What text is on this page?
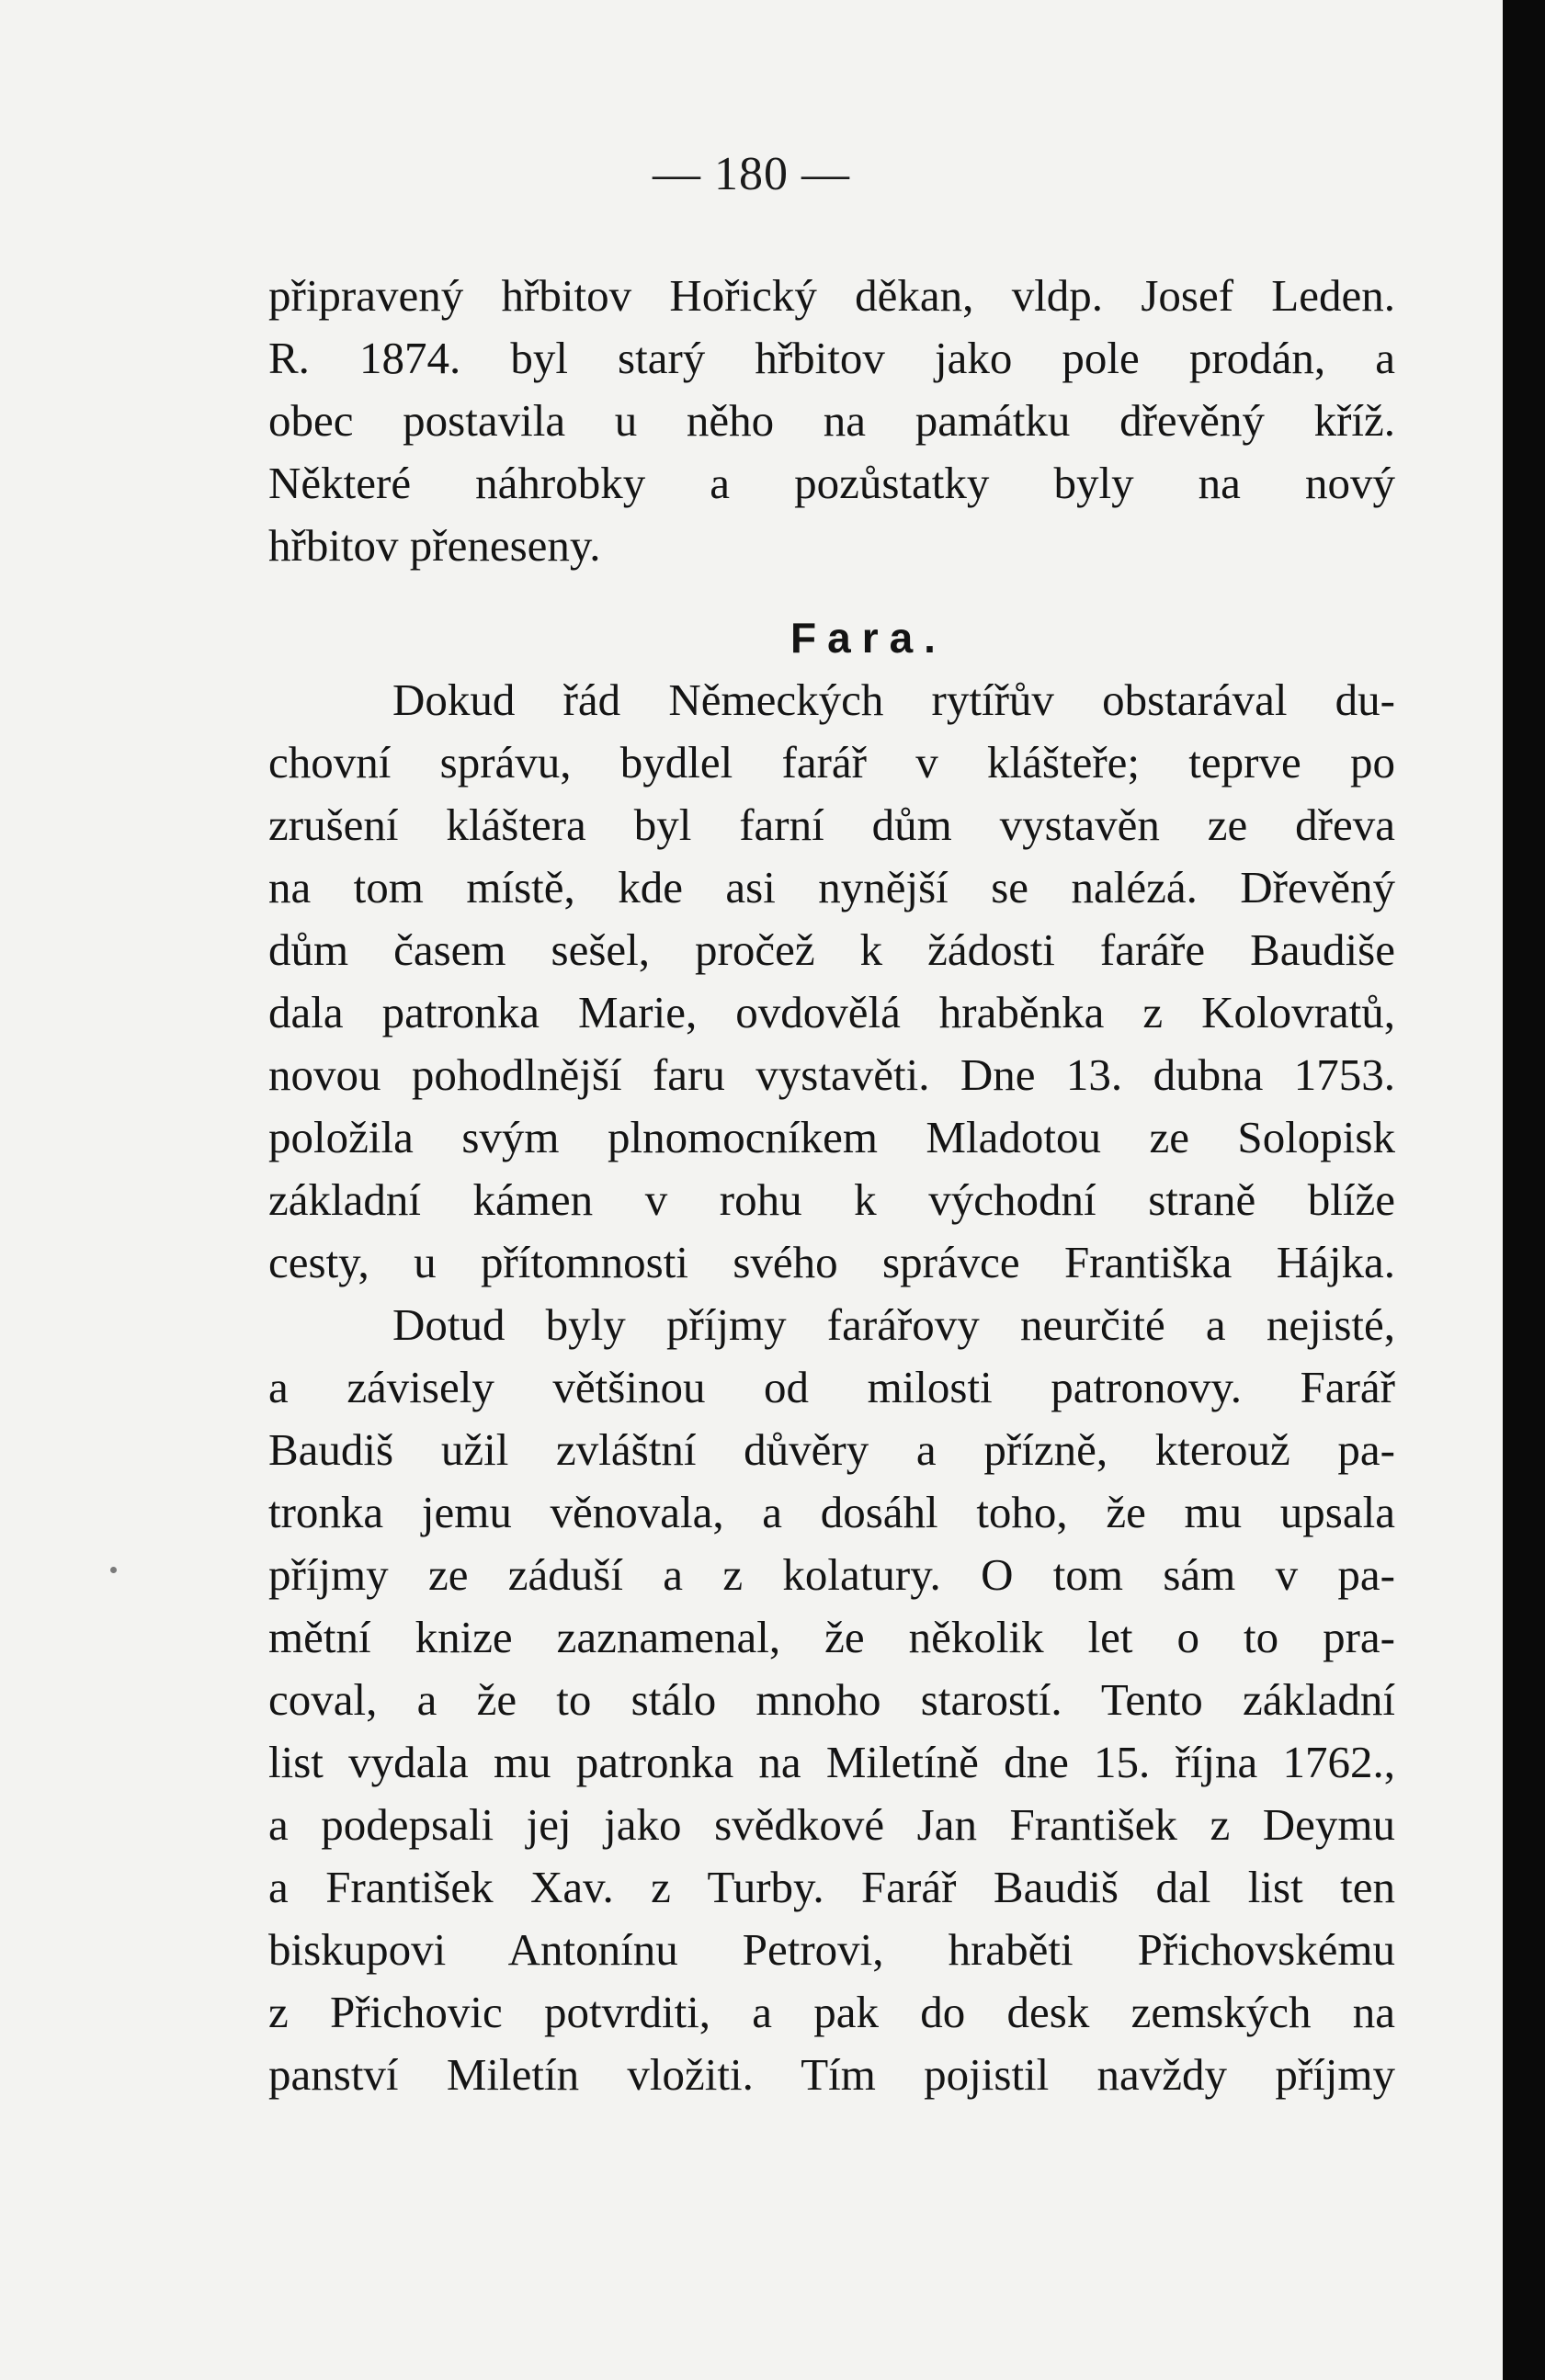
— 180 —
připravený hřbitov Hořický děkan, vldp. Josef Leden.
R. 1874. byl starý hřbitov jako pole prodán, a
obec postavila u něho na památku dřevěný kříž.
Některé náhrobky a pozůstatky byly na nový
hřbitov přeneseny.
Fara.
Dokud řád Německých rytířův obstarával du-
chovní správu, bydlel farář v klášteře; teprve po
zrušení kláštera byl farní dům vystavěn ze dřeva
na tom místě, kde asi nynější se nalézá. Dřevěný
dům časem sešel, pročež k žádosti faráře Baudiše
dala patronka Marie, ovdovělá hraběnka z Kolovratů,
novou pohodlnější faru vystavěti. Dne 13. dubna 1753.
položila svým plnomocníkem Mladotou ze Solopisk
základní kámen v rohu k východní straně blíže
cesty, u přítomnosti svého správce Františka Hájka.
Dotud byly příjmy farářovy neurčité a nejisté,
a závisely většinou od milosti patronovy. Farář
Baudiš užil zvláštní důvěry a přízně, kterouž pa-
tronka jemu věnovala, a dosáhl toho, že mu upsala
příjmy ze záduší a z kolatury. O tom sám v pa-
mětní knize zaznamenal, že několik let o to pra-
coval, a že to stálo mnoho starostí. Tento základní
list vydala mu patronka na Miletíně dne 15. října 1762.,
a podepsali jej jako svědkové Jan František z Deymu
a František Xav. z Turby. Farář Baudiš dal list ten
biskupovi Antonínu Petrovi, hraběti Přichovskému
z Přichovic potvrditi, a pak do desk zemských na
panství Miletín vložiti. Tím pojistil navždy příjmy
